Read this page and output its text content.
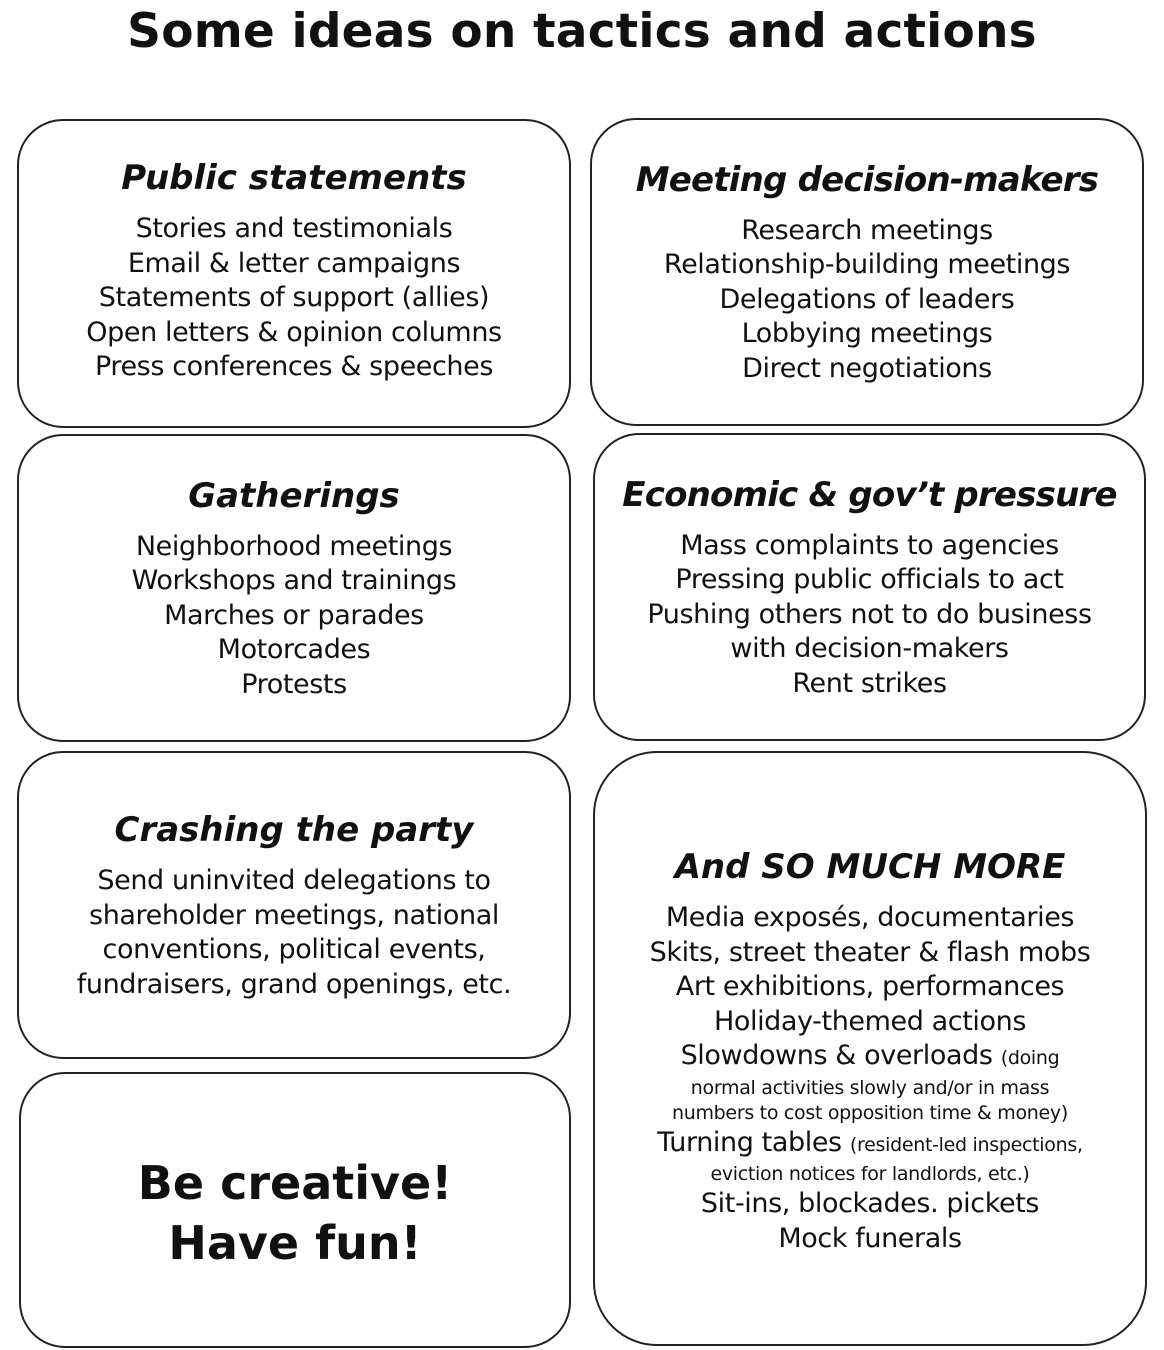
Some ideas on tactics and actions
Public statements
Stories and testimonials
Email & letter campaigns
Statements of support (allies)
Open letters & opinion columns
Press conferences & speeches
Meeting decision-makers
Research meetings
Relationship-building meetings
Delegations of leaders
Lobbying meetings
Direct negotiations
Gatherings
Neighborhood meetings
Workshops and trainings
Marches or parades
Motorcades
Protests
Economic & gov’t pressure
Mass complaints to agencies
Pressing public officials to act
Pushing others not to do business
with decision-makers
Rent strikes
Crashing the party
Send uninvited delegations to
shareholder meetings, national
conventions, political events,
fundraisers, grand openings, etc.
Be creative!
Have fun!
And SO MUCH MORE
Media exposés, documentaries
Skits, street theater & flash mobs
Art exhibitions, performances
Holiday-themed actions
Slowdowns & overloads (doing
normal activities slowly and/or in mass
numbers to cost opposition time & money)
Turning tables (resident-led inspections,
eviction notices for landlords, etc.)
Sit-ins, blockades. pickets
Mock funerals
